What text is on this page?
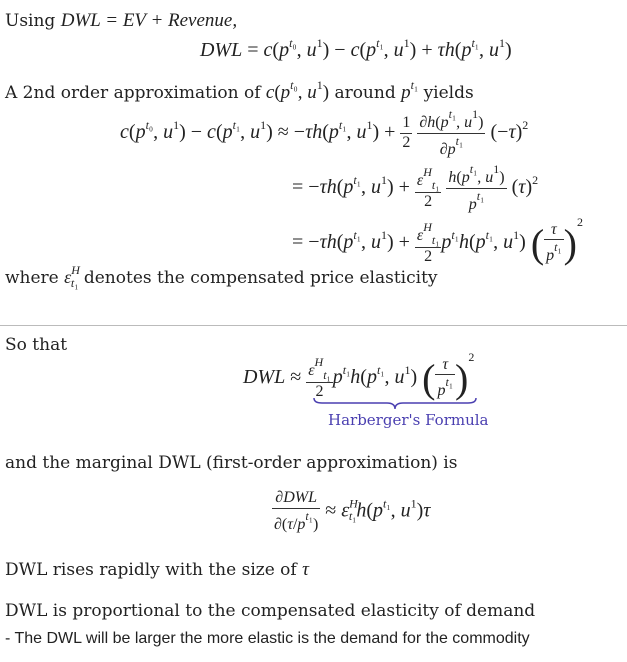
Using DWL = EV + Revenue,
DWL = $c(p^{t_0}$, $u^1) - c(p^{t_1}$, $u^1) + \tau h(p^{t_1}$, $u^1$)
A 2nd order approximation of $c(p^{t_0}$, $u^1$) around $p^{t_1}$ yields
$c(p^{t_0}$, $u^1) - c(p^{t_1}$, $u^1) \approx -\tau h(p^{t_1}$, $u^1) + \frac{1}{2}$
$\frac{\partial h(p^{t_1}, u^1)}{\partial p^{t_1}} (-\tau)^2$
= $-\tau h(p^{t_1}$, $u^1) + \frac{\varepsilon^H_{t_1}}{2}$
$\frac{h(p^{t_1}, u^1)}{p^{t_1}} (\tau)^2$
= $-\tau h(p^{t_1}$, $u^1) + \frac{\varepsilon^H_{t_1}}{2} p^{t_1}h(p^{t_1}$, $u^1$) ( $\frac{\tau}{p^{t_1}} )^2$
where $\varepsilon^H_{t_1}$ denotes the compensated price elasticity
So that
DWL ≈ $\frac{\varepsilon^H_{t_1}}{2} p^{t_1}h(p^{t_1}$, $u^1$) ( $\frac{\tau}{p^{t_1}} )^2$
Harberger's Formula
and the marginal DWL (first-order approximation) is
$\frac{\text{∂DWL}}{\partial(\tau/p^{t_1})} \approx \varepsilon^H_{t_1}h(p^{t_1}$, $u^1)\tau$
DWL rises rapidly with the size of τ
DWL is proportional to the compensated elasticity of demand
- The DWL will be larger the more elastic is the demand for the commodity
